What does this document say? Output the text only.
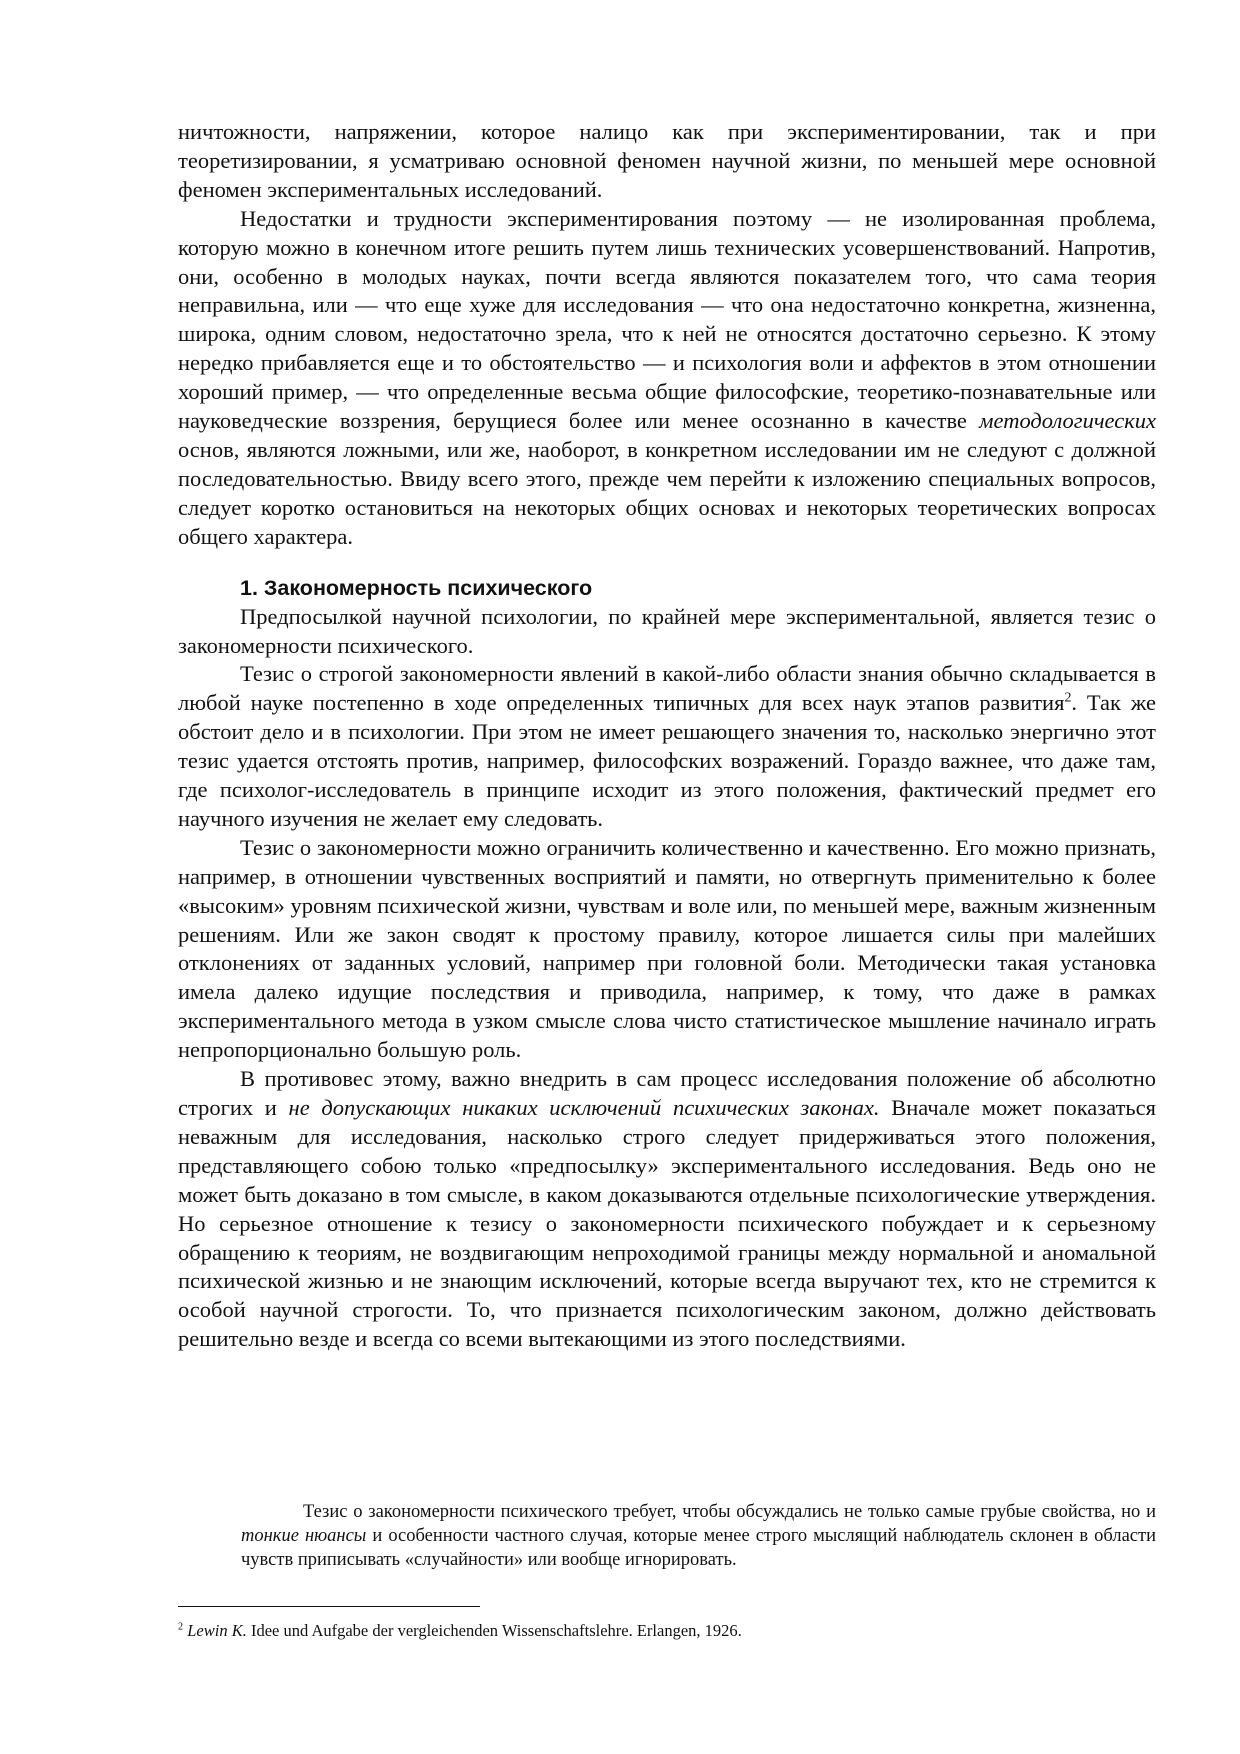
ничтожности, напряжении, которое налицо как при экспериментировании, так и при теоретизировании, я усматриваю основной феномен научной жизни, по меньшей мере основной феномен экспериментальных исследований.

Недостатки и трудности экспериментирования поэтому — не изолированная проблема, которую можно в конечном итоге решить путем лишь технических усовершенствований. Напротив, они, особенно в молодых науках, почти всегда являются показателем того, что сама теория неправильна, или — что еще хуже для исследования — что она недостаточно конкретна, жизненна, широка, одним словом, недостаточно зрела, что к ней не относятся достаточно серьезно. К этому нередко прибавляется еще и то обстоятельство — и психология воли и аффектов в этом отношении хороший пример, — что определенные весьма общие философские, теоретико-познавательные или науковедческие воззрения, берущиеся более или менее осознанно в качестве методологических основ, являются ложными, или же, наоборот, в конкретном исследовании им не следуют с должной последовательностью. Ввиду всего этого, прежде чем перейти к изложению специальных вопросов, следует коротко остановиться на некоторых общих основах и некоторых теоретических вопросах общего характера.

1. Закономерность психического

Предпосылкой научной психологии, по крайней мере экспериментальной, является тезис о закономерности психического.

Тезис о строгой закономерности явлений в какой-либо области знания обычно складывается в любой науке постепенно в ходе определенных типичных для всех наук этапов развития$^2$. Так же обстоит дело и в психологии. При этом не имеет решающего значения то, насколько энергично этот тезис удается отстоять против, например, философских возражений. Гораздо важнее, что даже там, где психолог-исследователь в принципе исходит из этого положения, фактический предмет его научного изучения не желает ему следовать.

Тезис о закономерности можно ограничить количественно и качественно. Его можно признать, например, в отношении чувственных восприятий и памяти, но отвергнуть применительно к более «высоким» уровням психической жизни, чувствам и воле или, по меньшей мере, важным жизненным решениям. Или же закон сводят к простому правилу, которое лишается силы при малейших отклонениях от заданных условий, например при головной боли. Методически такая установка имела далеко идущие последствия и приводила, например, к тому, что даже в рамках экспериментального метода в узком смысле слова чисто статистическое мышление начинало играть непропорционально большую роль.

В противовес этому, важно внедрить в сам процесс исследования положение об абсолютно строгих и не допускающих никаких исключений психических законах. Вначале может показаться неважным для исследования, насколько строго следует придерживаться этого положения, представляющего собою только «предпосылку» экспериментального исследования. Ведь оно не может быть доказано в том смысле, в каком доказываются отдельные психологические утверждения. Но серьезное отношение к тезису о закономерности психического побуждает и к серьезному обращению к теориям, не воздвигающим непроходимой границы между нормальной и аномальной психической жизнью и не знающим исключений, которые всегда выручают тех, кто не стремится к особой научной строгости. То, что признается психологическим законом, должно действовать решительно везде и всегда со всеми вытекающими из этого последствиями.

Тезис о закономерности психического требует, чтобы обсуждались не только самые грубые свойства, но и тонкие нюансы и особенности частного случая, которые менее строго мыслящий наблюдатель склонен в области чувств приписывать «случайности» или вообще игнорировать.

$^2$ Lewin K. Idee und Aufgabe der vergleichenden Wissenschaftslehre. Erlangen, 1926.
